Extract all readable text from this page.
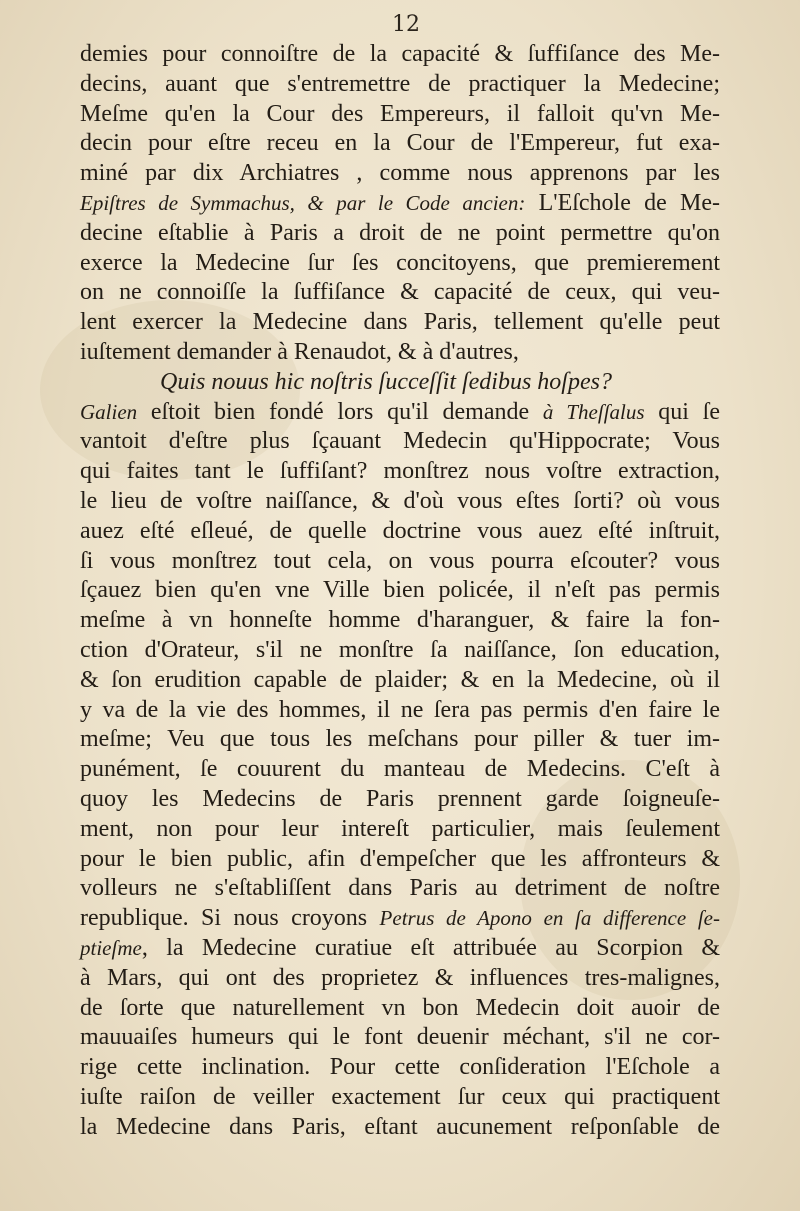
12
demies pour connoiſtre de la capacité & ſuffiſance des Me-
decins, auant que s'entremettre de practiquer la Medecine;
Meſme qu'en la Cour des Empereurs, il falloit qu'vn Me-
decin pour eſtre receu en la Cour de l'Empereur, fut exa-
miné par dix Archiatres , comme nous apprenons par les
Epiſtres de Symmachus, & par le Code ancien: L'Eſchole de Me-
decine eſtablie à Paris a droit de ne point permettre qu'on
exerce la Medecine ſur ſes concitoyens, que premierement
on ne connoiſſe la ſuffiſance & capacité de ceux, qui veu-
lent exercer la Medecine dans Paris, tellement qu'elle peut
iuſtement demander à Renaudot, & à d'autres,
Quis nouus hic noſtris ſucceſſit ſedibus hoſpes?
Galien eſtoit bien fondé lors qu'il demande à Theſſalus qui ſe
vantoit d'eſtre plus ſçauant Medecin qu'Hippocrate; Vous
qui faites tant le ſuffiſant? monſtrez nous voſtre extraction,
le lieu de voſtre naiſſance, & d'où vous eſtes ſorti? où vous
auez eſté eſleué, de quelle doctrine vous auez eſté inſtruit,
ſi vous monſtrez tout cela, on vous pourra eſcouter? vous
ſçauez bien qu'en vne Ville bien policée, il n'eſt pas permis
meſme à vn honneſte homme d'haranguer, & faire la fon-
ction d'Orateur, s'il ne monſtre ſa naiſſance, ſon education,
& ſon erudition capable de plaider; & en la Medecine, où il
y va de la vie des hommes, il ne ſera pas permis d'en faire le
meſme; Veu que tous les meſchans pour piller & tuer im-
punément, ſe couurent du manteau de Medecins. C'eſt à
quoy les Medecins de Paris prennent garde ſoigneuſe-
ment, non pour leur intereſt particulier, mais ſeulement
pour le bien public, afin d'empeſcher que les affronteurs &
volleurs ne s'eſtabliſſent dans Paris au detriment de noſtre
republique. Si nous croyons Petrus de Apono en ſa difference ſe-
ptieſme, la Medecine curatiue eſt attribuée au Scorpion &
à Mars, qui ont des proprietez & influences tres-malignes,
de ſorte que naturellement vn bon Medecin doit auoir de
mauuaiſes humeurs qui le font deuenir méchant, s'il ne cor-
rige cette inclination. Pour cette conſideration l'Eſchole a
iuſte raiſon de veiller exactement ſur ceux qui practiquent
la Medecine dans Paris, eſtant aucunement reſponſable de
